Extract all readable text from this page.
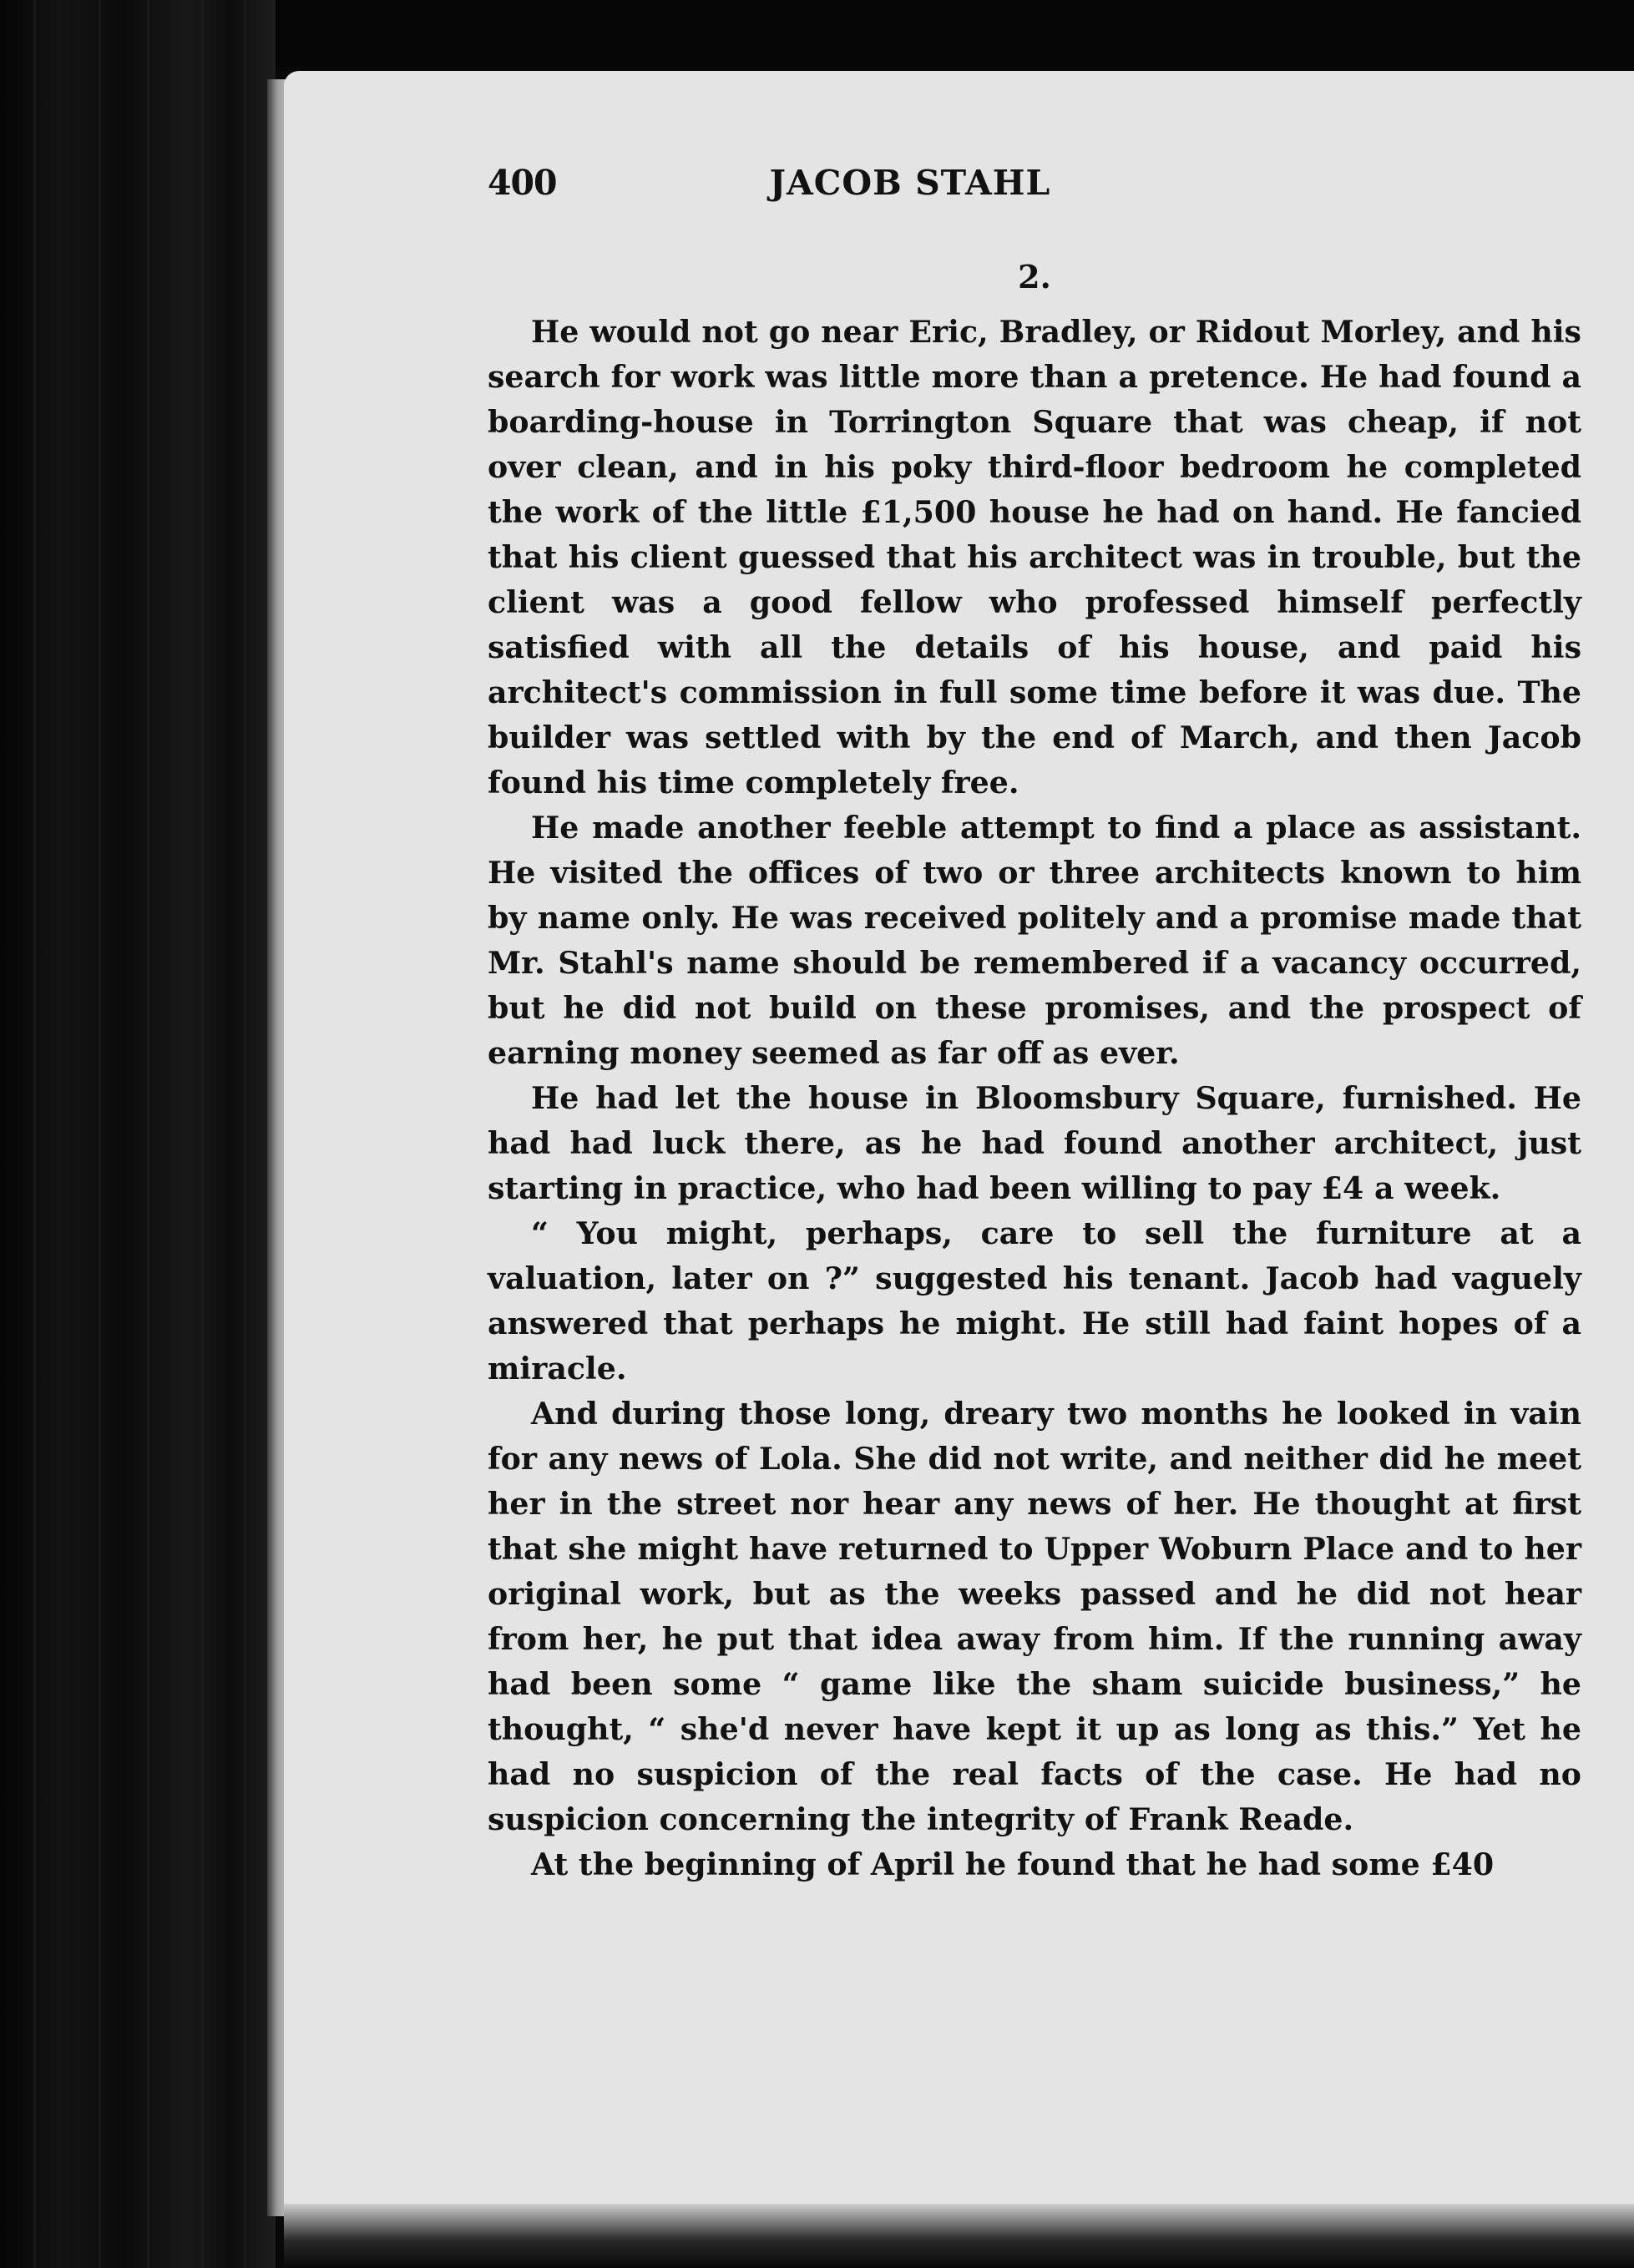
400	JACOB STAHL
2.

He would not go near Eric, Bradley, or Ridout Morley, and his search for work was little more than a pretence. He had found a boarding-house in Torrington Square that was cheap, if not over clean, and in his poky third-floor bedroom he completed the work of the little £1,500 house he had on hand. He fancied that his client guessed that his architect was in trouble, but the client was a good fellow who professed himself perfectly satisfied with all the details of his house, and paid his architect's commission in full some time before it was due. The builder was settled with by the end of March, and then Jacob found his time completely free.

He made another feeble attempt to find a place as assistant. He visited the offices of two or three architects known to him by name only. He was received politely and a promise made that Mr. Stahl's name should be remembered if a vacancy occurred, but he did not build on these promises, and the prospect of earning money seemed as far off as ever.

He had let the house in Bloomsbury Square, furnished. He had had luck there, as he had found another architect, just starting in practice, who had been willing to pay £4 a week.

“ You might, perhaps, care to sell the furniture at a valuation, later on ?” suggested his tenant. Jacob had vaguely answered that perhaps he might. He still had faint hopes of a miracle.

And during those long, dreary two months he looked in vain for any news of Lola. She did not write, and neither did he meet her in the street nor hear any news of her. He thought at first that she might have returned to Upper Woburn Place and to her original work, but as the weeks passed and he did not hear from her, he put that idea away from him. If the running away had been some “ game like the sham suicide business,” he thought, “ she'd never have kept it up as long as this.” Yet he had no suspicion of the real facts of the case. He had no suspicion concerning the integrity of Frank Reade.

At the beginning of April he found that he had some £40
